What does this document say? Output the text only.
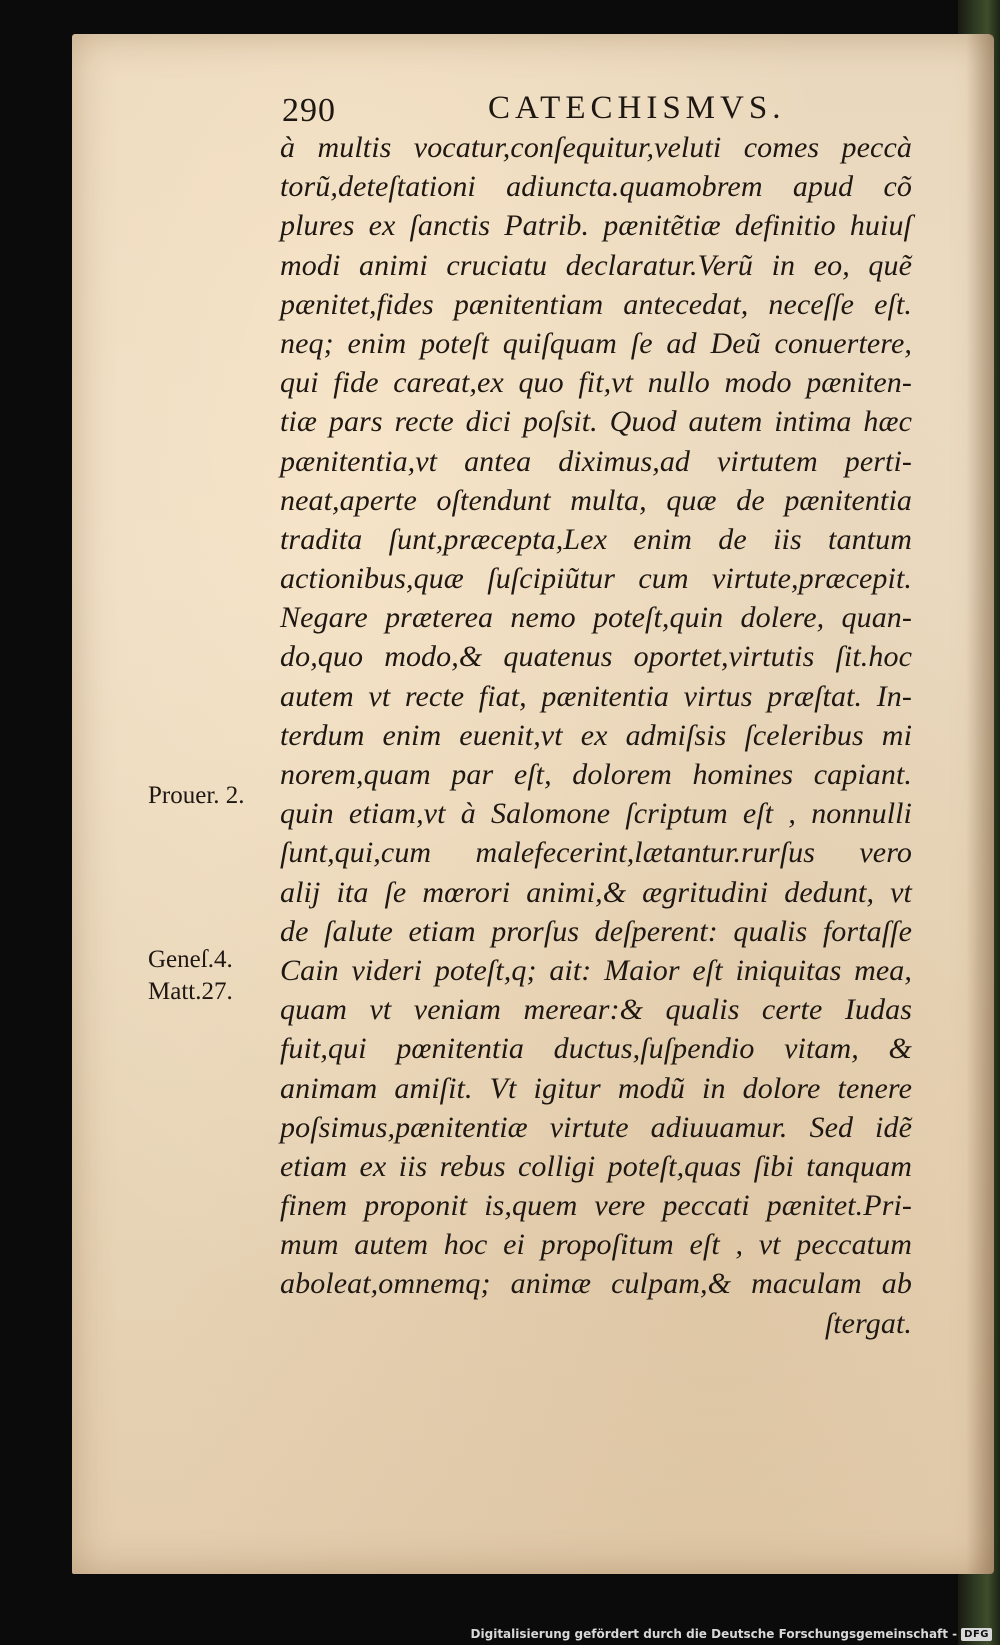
290	CATECHISMVS.
à multis vocatur,conſequitur,veluti comes peccà
torũ,deteſtationi adiuncta.quamobrem apud cõ
plures ex ſanctis Patrib. pænitẽtiæ definitio huiuſ
modi animi cruciatu declaratur.Verũ in eo, quẽ
pænitet,fides pænitentiam antecedat, neceſſe eſt.
neq; enim poteſt quiſquam ſe ad Deũ conuertere,
qui fide careat,ex quo fit,vt nullo modo pæniten-
tiæ pars recte dici poſsit. Quod autem intima hæc
pænitentia,vt antea diximus,ad virtutem perti-
neat,aperte oſtendunt multa, quæ de pænitentia
tradita ſunt,præcepta,Lex enim de iis tantum
actionibus,quæ ſuſcipiũtur cum virtute,præcepit.
Negare præterea nemo poteſt,quin dolere, quan-
do,quo modo,& quatenus oportet,virtutis ſit.hoc
autem vt recte fiat, pænitentia virtus præſtat. In-
terdum enim euenit,vt ex admiſsis ſceleribus mi
norem,quam par eſt, dolorem homines capiant.
quin etiam,vt à Salomone ſcriptum eſt , nonnulli
ſunt,qui,cum malefecerint,lætantur.rurſus vero
alij ita ſe mœrori animi,& ægritudini dedunt, vt
de ſalute etiam prorſus deſperent: qualis fortaſſe
Cain videri poteſt,q; ait: Maior eſt iniquitas mea,
quam vt veniam merear:& qualis certe Iudas
fuit,qui pœnitentia ductus,ſuſpendio vitam, &
animam amiſit. Vt igitur modũ in dolore tenere
poſsimus,pænitentiæ virtute adiuuamur. Sed idẽ
etiam ex iis rebus colligi poteſt,quas ſibi tanquam
finem proponit is,quem vere peccati pænitet.Pri-
mum autem hoc ei propoſitum eſt , vt peccatum
aboleat,omnemq; animæ culpam,& maculam ab
ſtergat.
Prouer. 2.
Geneſ.4.
Matt.27.
Digitalisierung gefördert durch die Deutsche Forschungsgemeinschaft - DFG
